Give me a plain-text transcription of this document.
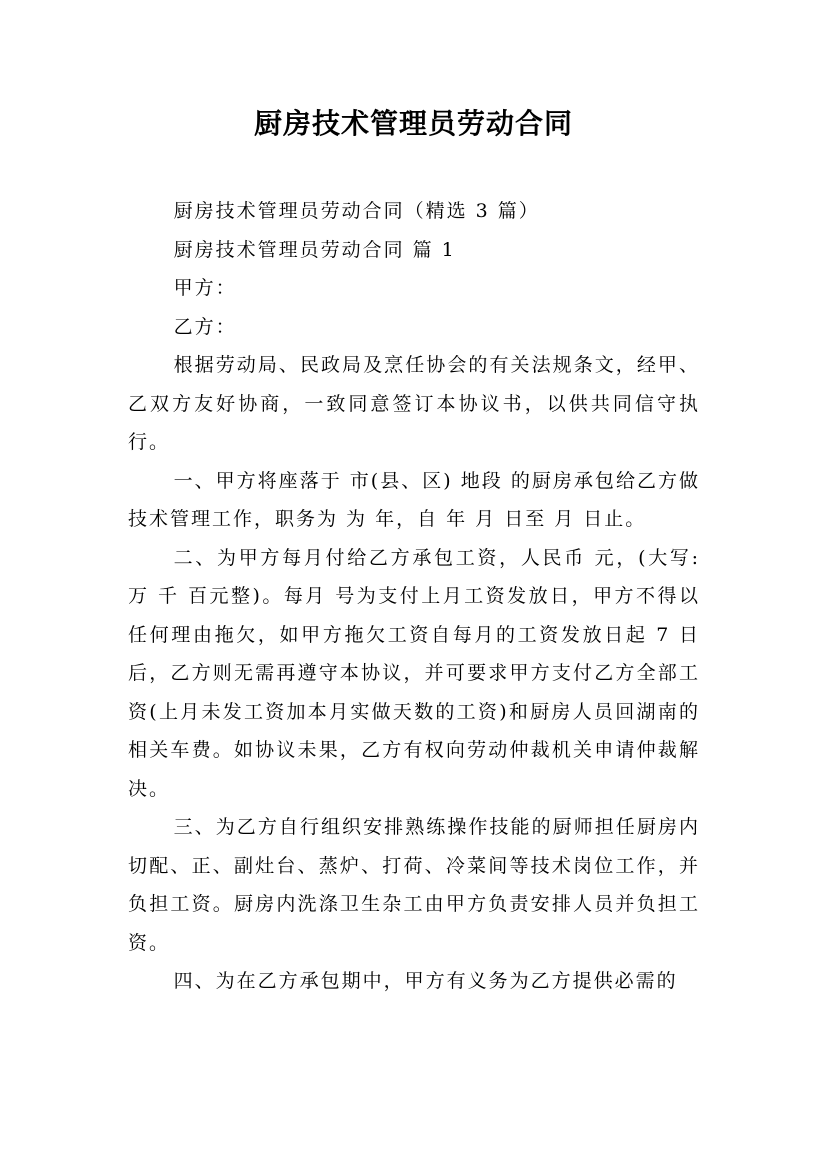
厨房技术管理员劳动合同

厨房技术管理员劳动合同（精选 3 篇）

厨房技术管理员劳动合同 篇 1

甲方：

乙方：

根据劳动局、民政局及烹任协会的有关法规条文，经甲、乙双方友好协商，一致同意签订本协议书，以供共同信守执行。

一、甲方将座落于 市(县、区) 地段 的厨房承包给乙方做技术管理工作，职务为 为 年，自 年 月 日至 月 日止。

二、为甲方每月付给乙方承包工资，人民币 元，(大写:万 千 百元整)。每月 号为支付上月工资发放日，甲方不得以任何理由拖欠，如甲方拖欠工资自每月的工资发放日起 7 日后，乙方则无需再遵守本协议，并可要求甲方支付乙方全部工资(上月未发工资加本月实做天数的工资)和厨房人员回湖南的相关车费。如协议未果，乙方有权向劳动仲裁机关申请仲裁解决。

三、为乙方自行组织安排熟练操作技能的厨师担任厨房内切配、正、副灶台、蒸炉、打荷、冷菜间等技术岗位工作，并负担工资。厨房内洗涤卫生杂工由甲方负责安排人员并负担工资。

四、为在乙方承包期中，甲方有义务为乙方提供必需的
